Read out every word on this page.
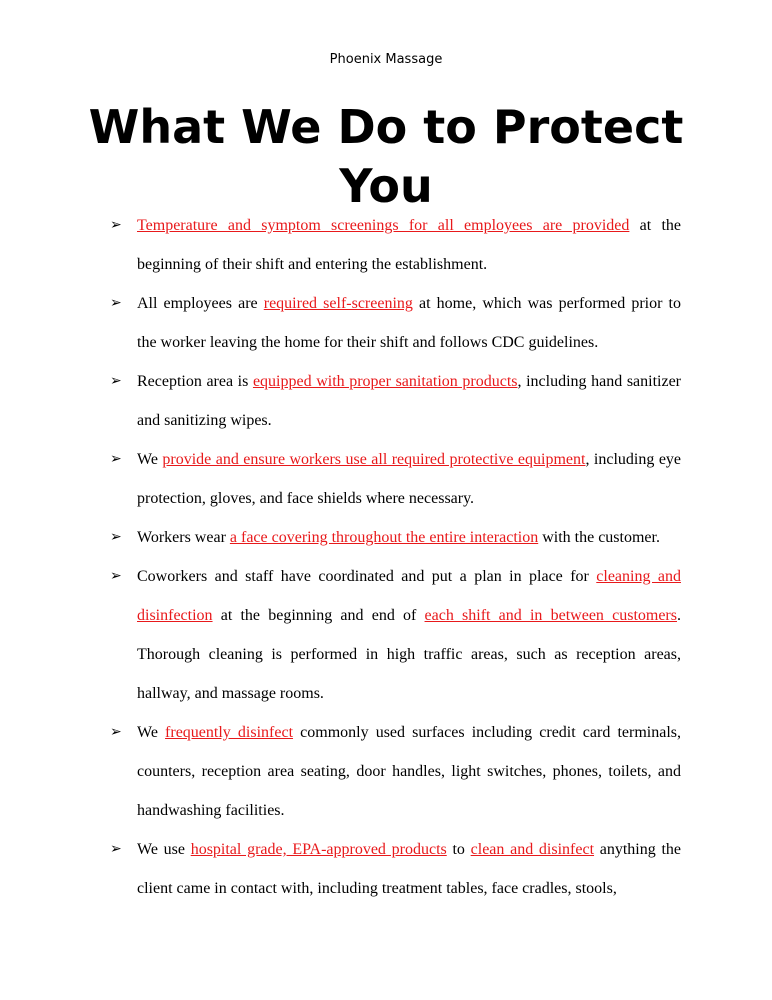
Phoenix Massage
What We Do to Protect You
➢ Temperature and symptom screenings for all employees are provided at the beginning of their shift and entering the establishment.
➢ All employees are required self-screening at home, which was performed prior to the worker leaving the home for their shift and follows CDC guidelines.
➢ Reception area is equipped with proper sanitation products, including hand sanitizer and sanitizing wipes.
➢ We provide and ensure workers use all required protective equipment, including eye protection, gloves, and face shields where necessary.
➢ Workers wear a face covering throughout the entire interaction with the customer.
➢ Coworkers and staff have coordinated and put a plan in place for cleaning and disinfection at the beginning and end of each shift and in between customers. Thorough cleaning is performed in high traffic areas, such as reception areas, hallway, and massage rooms.
➢ We frequently disinfect commonly used surfaces including credit card terminals, counters, reception area seating, door handles, light switches, phones, toilets, and handwashing facilities.
➢ We use hospital grade, EPA-approved products to clean and disinfect anything the client came in contact with, including treatment tables, face cradles, stools,
